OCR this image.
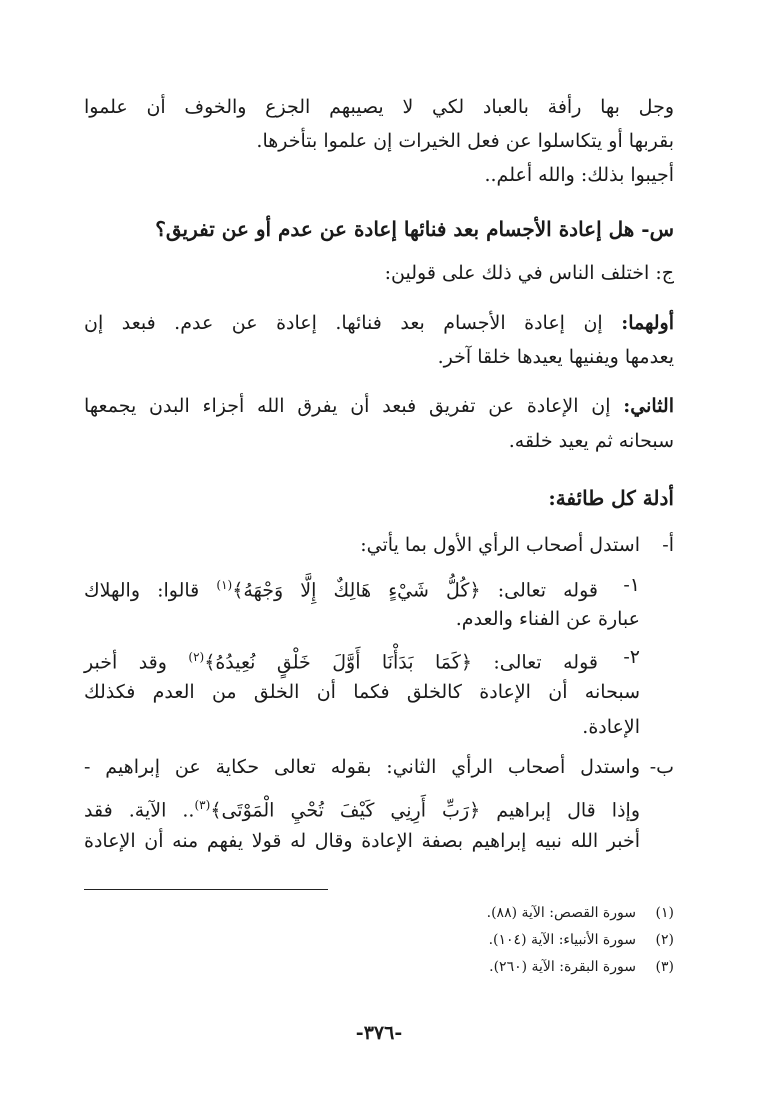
وجل بها رأفة بالعباد لكي لا يصيبهم الجزع والخوف أن علموا
بقربها أو يتكاسلوا عن فعل الخيرات إن علموا بتأخرها.
أجيبوا بذلك: والله أعلم..
س- هل إعادة الأجسام بعد فنائها إعادة عن عدم أو عن تفريق؟
ج: اختلف الناس في ذلك على قولين:
أولهما: إن إعادة الأجسام بعد فنائها. إعادة عن عدم. فبعد إن
يعدمها ويفنيها يعيدها خلقا آخر.
الثاني: إن الإعادة عن تفريق فبعد أن يفرق الله أجزاء البدن يجمعها
سبحانه ثم يعيد خلقه.
أدلة كل طائفة:
أ-
استدل أصحاب الرأي الأول بما يأتي:
١-
قوله تعالى: ﴿كُلُّ شَيْءٍ هَالِكٌ إِلَّا وَجْهَهُ﴾$^{(١)}$ قالوا: والهلاك
عبارة عن الفناء والعدم.
٢-
قوله تعالى: ﴿كَمَا بَدَأْنَا أَوَّلَ خَلْقٍ نُعِيدُهُ﴾$^{(٢)}$ وقد أخبر
سبحانه أن الإعادة كالخلق فكما أن الخلق من العدم فكذلك
الإعادة.
ب-
واستدل أصحاب الرأي الثاني: بقوله تعالى حكاية عن إبراهيم -
وإذا قال إبراهيم ﴿رَبِّ أَرِنِي كَيْفَ تُحْيِ الْمَوْتَى﴾$^{(٣)}$.. الآية. فقد
أخبر الله نبيه إبراهيم بصفة الإعادة وقال له قولا يفهم منه أن الإعادة
(١)سورة القصص: الآية (٨٨).
(٢)سورة الأنبياء: الآية (١٠٤).
(٣)سورة البقرة: الآية (٢٦٠).
-٣٧٦-
